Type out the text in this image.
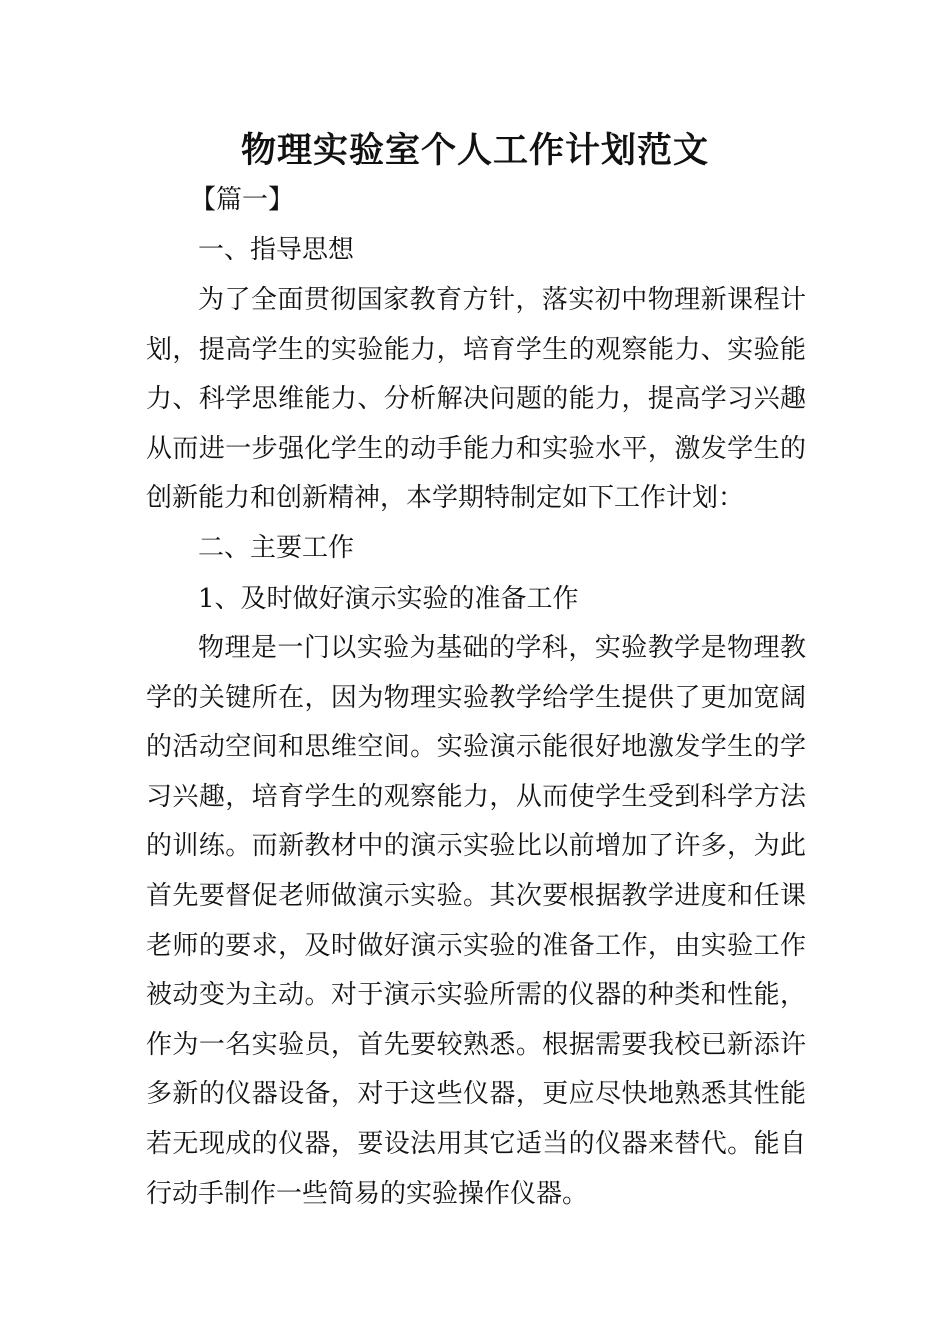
物理实验室个人工作计划范文
【篇一】
一、指导思想
为了全面贯彻国家教育方针，落实初中物理新课程计划，提高学生的实验能力，培育学生的观察能力、实验能力、科学思维能力、分析解决问题的能力，提高学习兴趣从而进一步强化学生的动手能力和实验水平，激发学生的创新能力和创新精神，本学期特制定如下工作计划：
二、主要工作
1、及时做好演示实验的准备工作
物理是一门以实验为基础的学科，实验教学是物理教学的关键所在，因为物理实验教学给学生提供了更加宽阔的活动空间和思维空间。实验演示能很好地激发学生的学习兴趣，培育学生的观察能力，从而使学生受到科学方法的训练。而新教材中的演示实验比以前增加了许多，为此首先要督促老师做演示实验。其次要根据教学进度和任课老师的要求，及时做好演示实验的准备工作，由实验工作被动变为主动。对于演示实验所需的仪器的种类和性能，作为一名实验员，首先要较熟悉。根据需要我校已新添许多新的仪器设备，对于这些仪器，更应尽快地熟悉其性能若无现成的仪器，要设法用其它适当的仪器来替代。能自行动手制作一些简易的实验操作仪器。
